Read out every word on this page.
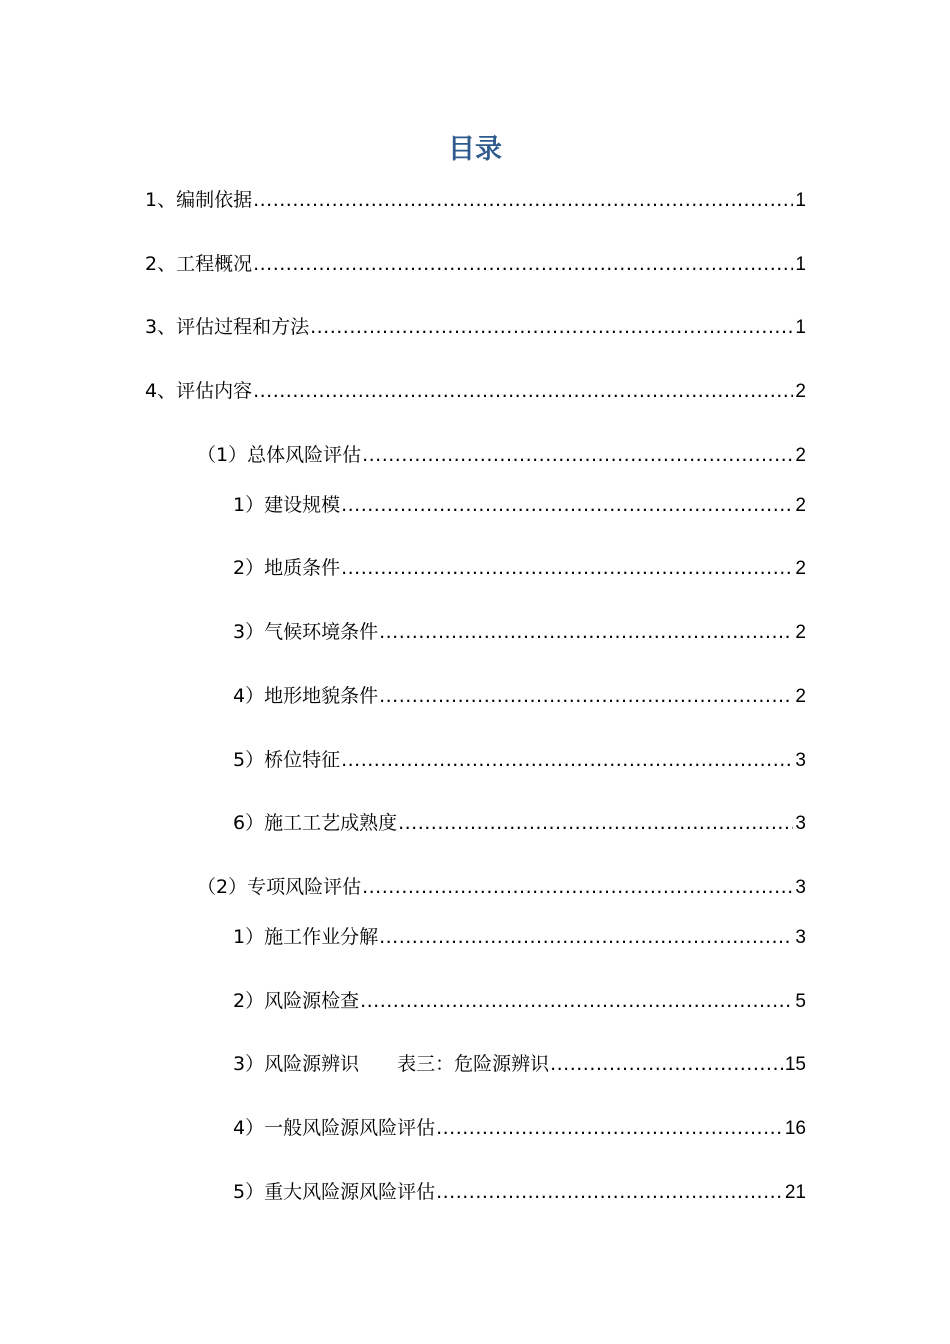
目录
1、编制依据 .....	1
2、工程概况 .....	1
3、评估过程和方法 .....	1
4、评估内容 .....	2
（1）总体风险评估 .....	2
1）建设规模 .....	2
2）地质条件 .....	2
3）气候环境条件 .....	2
4）地形地貌条件 .....	2
5）桥位特征 .....	3
6）施工工艺成熟度 .....	3
（2）专项风险评估 .....	3
1）施工作业分解 .....	3
2）风险源检查 .....	5
3）风险源辨识　　表三：危险源辨识 .....	15
4）一般风险源风险评估 .....	16
5）重大风险源风险评估 .....	21
